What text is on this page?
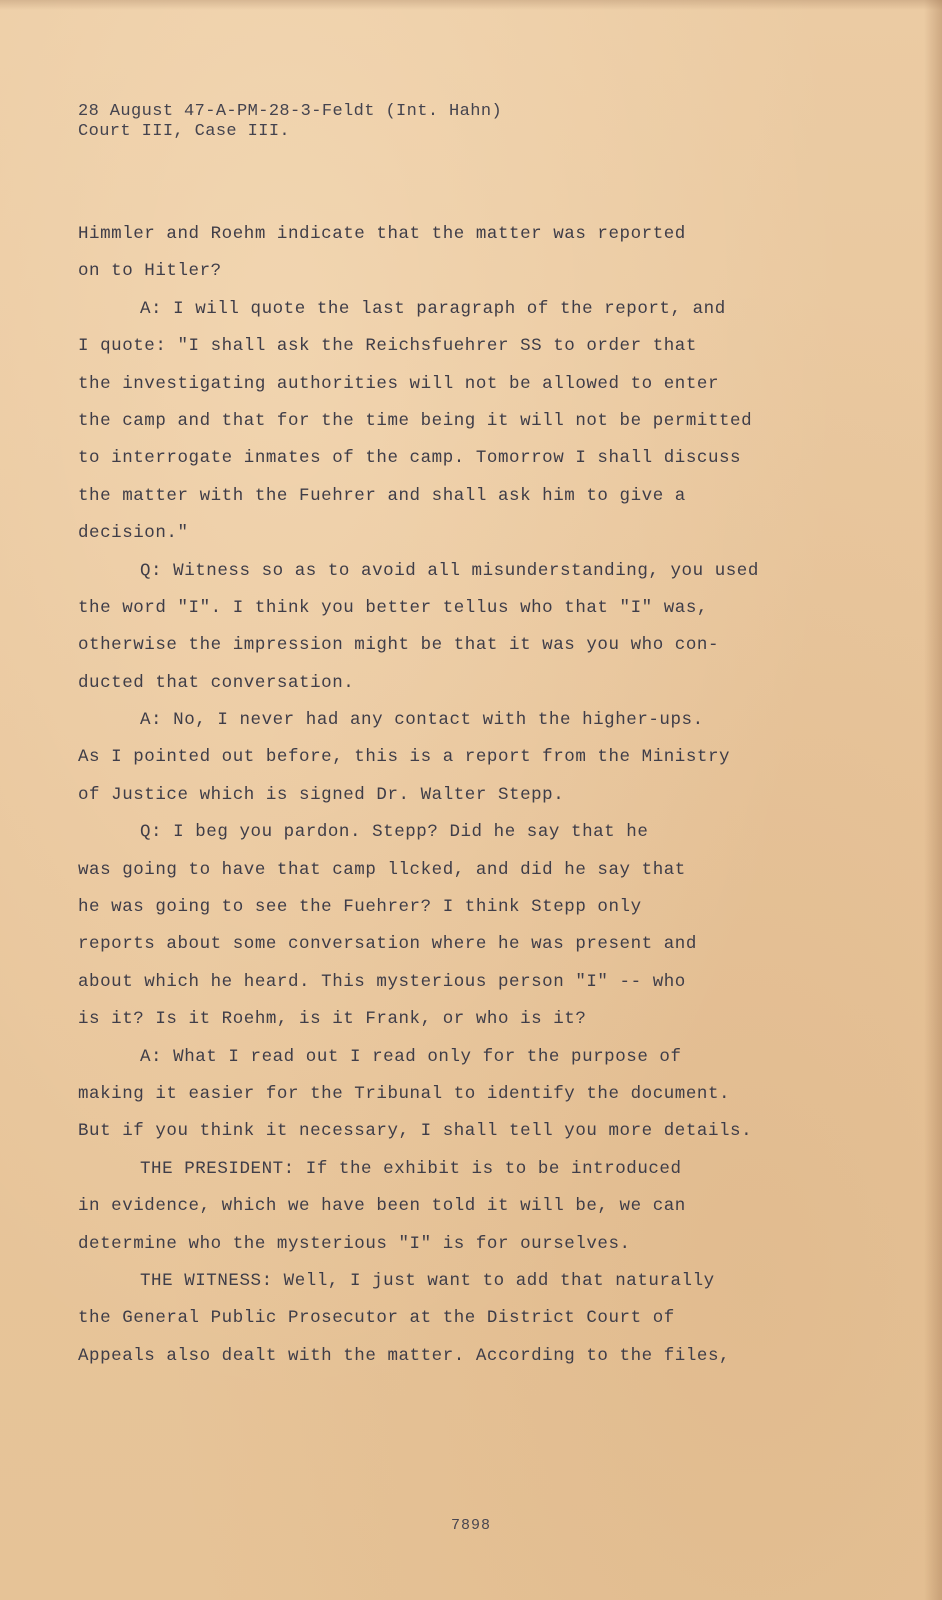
28 August 47-A-PM-28-3-Feldt (Int. Hahn)
Court III, Case III.
Himmler and Roehm indicate that the matter was reported
on to Hitler?
A: I will quote the last paragraph of the report, and
I quote: "I shall ask the Reichsfuehrer SS to order that
the investigating authorities will not be allowed to enter
the camp and that for the time being it will not be permitted
to interrogate inmates of the camp. Tomorrow I shall discuss
the matter with the Fuehrer and shall ask him to give a
decision."
Q: Witness so as to avoid all misunderstanding, you used
the word "I". I think you better tellus who that "I" was,
otherwise the impression might be that it was you who con-
ducted that conversation.
A: No, I never had any contact with the higher-ups.
As I pointed out before, this is a report from the Ministry
of Justice which is signed Dr. Walter Stepp.
Q: I beg you pardon. Stepp? Did he say that he
was going to have that camp llcked, and did he say that
he was going to see the Fuehrer? I think Stepp only
reports about some conversation where he was present and
about which he heard. This mysterious person "I" -- who
is it? Is it Roehm, is it Frank, or who is it?
A: What I read out I read only for the purpose of
making it easier for the Tribunal to identify the document.
But if you think it necessary, I shall tell you more details.
THE PRESIDENT: If the exhibit is to be introduced
in evidence, which we have been told it will be, we can
determine who the mysterious "I" is for ourselves.
THE WITNESS: Well, I just want to add that naturally
the General Public Prosecutor at the District Court of
Appeals also dealt with the matter. According to the files,
7898
